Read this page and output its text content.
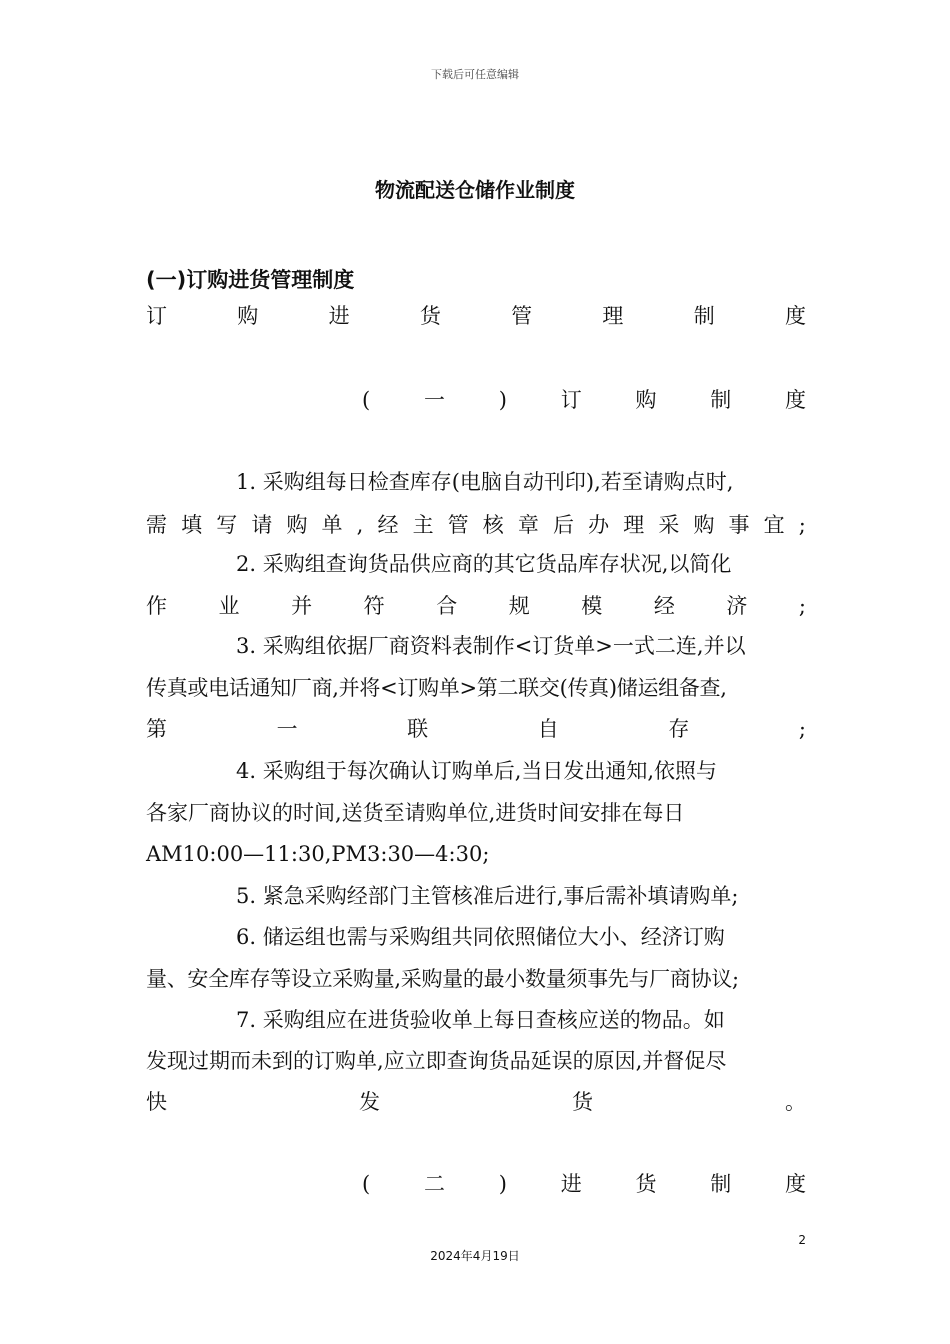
下载后可任意编辑
物流配送仓储作业制度
(一)订购进货管理制度
订	购	进	货	管	理	制	度
(	一	)	订	购	制	度
1. 采购组每日检查库存(电脑自动刊印),若至请购点时,
需 填 写 请 购 单 , 经 主 管 核 章 后 办 理 采 购 事 宜 ;
2. 采购组查询货品供应商的其它货品库存状况,以简化
作 业 并 符 合 规 模 经 济 ;
3. 采购组依据厂商资料表制作<订货单>一式二连,并以
传真或电话通知厂商,并将<订购单>第二联交(传真)储运组备查,
第	一	联	自	存	;
4. 采购组于每次确认订购单后,当日发出通知,依照与
各家厂商协议的时间,送货至请购单位,进货时间安排在每日
AM10:00—11:30,PM3:30—4:30;
5. 紧急采购经部门主管核准后进行,事后需补填请购单;
6. 储运组也需与采购组共同依照储位大小、经济订购
量、安全库存等设立采购量,采购量的最小数量须事先与厂商协议;
7. 采购组应在进货验收单上每日查核应送的物品。如
发现过期而未到的订购单,应立即查询货品延误的原因,并督促尽
快	发	货	。
(	二	)	进	货	制	度
2
2024年4月19日
